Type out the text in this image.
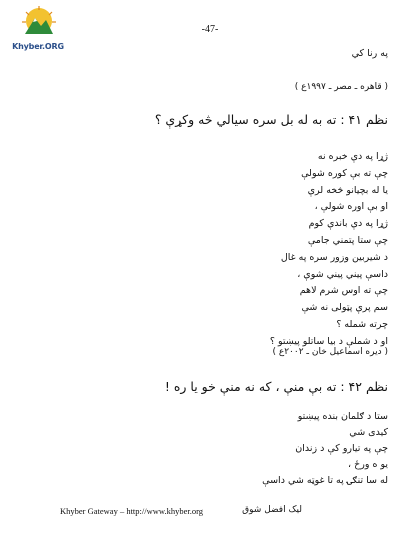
Khyber.ORG
-47-
په رنا کي
( قاهره ـ مصر ـ ۱۹۹۷ع )
نظم ۴۱ : ته به له بل سره سيالي څه وکړې ؟
ژړا په دې خبره نه
چې ته بې کوره شولې
يا له بچيانو څخه لرې
او بې اوره شولې ،
ژړا په دې باندې کوم
چې ستا پتمني جامې
د شيربين وزور سره په غال
داسې پيني پيني شوې ،
چې ته اوس شرم لاهم
سم پرې پټولی نه شې
چرته شمله ؟
او د شملې د بيا ساتلو پيښتو ؟
( ديره اسماعيل خان ـ ۲۰۰۲ع )
نظم ۴۲ : ته بې منې ، که نه منې خو يا ره !
ستا د ګلمان بنده پيښتو
کيدی شي
چې په تيارو کې د زندان
يو ه ورځ ،
له سا تنګۍ په تا غوټه شي داسې
Khyber Gateway – http://www.khyber.org	ليک افضل شوق
